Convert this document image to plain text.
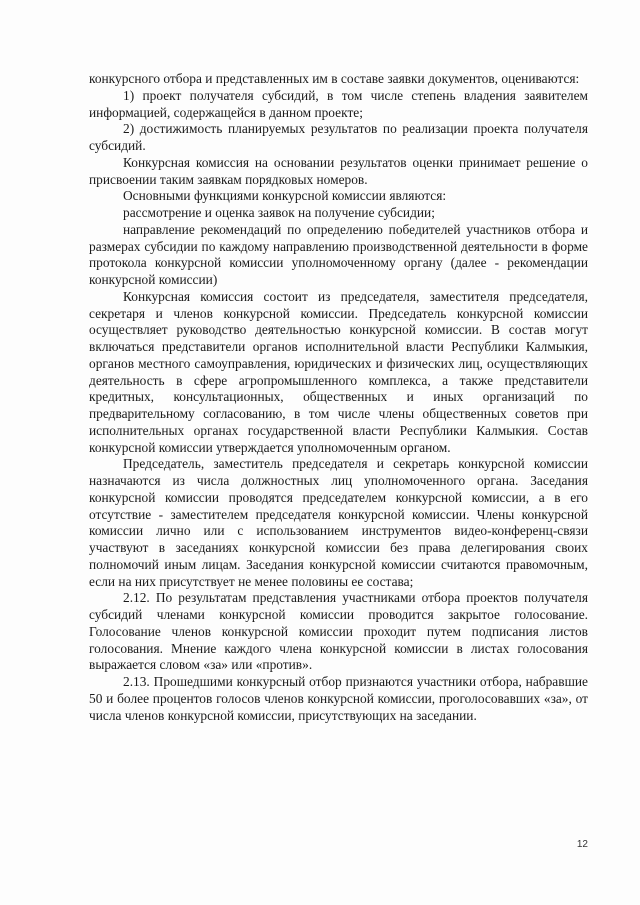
конкурсного отбора и представленных им в составе заявки документов, оцениваются:

1) проект получателя субсидий, в том числе степень владения заявителем информацией, содержащейся в данном проекте;

2) достижимость планируемых результатов по реализации проекта получателя субсидий.

Конкурсная комиссия на основании результатов оценки принимает решение о присвоении таким заявкам порядковых номеров.

Основными функциями конкурсной комиссии являются:

рассмотрение и оценка заявок на получение субсидии;

направление рекомендаций по определению победителей участников отбора и размерах субсидии по каждому направлению производственной деятельности в форме протокола конкурсной комиссии уполномоченному органу (далее - рекомендации конкурсной комиссии)

Конкурсная комиссия состоит из председателя, заместителя председателя, секретаря и членов конкурсной комиссии. Председатель конкурсной комиссии осуществляет руководство деятельностью конкурсной комиссии. В состав могут включаться представители органов исполнительной власти Республики Калмыкия, органов местного самоуправления, юридических и физических лиц, осуществляющих деятельность в сфере агропромышленного комплекса, а также представители кредитных, консультационных, общественных и иных организаций по предварительному согласованию, в том числе члены общественных советов при исполнительных органах государственной власти Республики Калмыкия. Состав конкурсной комиссии утверждается уполномоченным органом.

Председатель, заместитель председателя и секретарь конкурсной комиссии назначаются из числа должностных лиц уполномоченного органа. Заседания конкурсной комиссии проводятся председателем конкурсной комиссии, а в его отсутствие - заместителем председателя конкурсной комиссии. Члены конкурсной комиссии лично или с использованием инструментов видео-конференц-связи участвуют в заседаниях конкурсной комиссии без права делегирования своих полномочий иным лицам. Заседания конкурсной комиссии считаются правомочным, если на них присутствует не менее половины ее состава;

2.12. По результатам представления участниками отбора проектов получателя субсидий членами конкурсной комиссии проводится закрытое голосование. Голосование членов конкурсной комиссии проходит путем подписания листов голосования. Мнение каждого члена конкурсной комиссии в листах голосования выражается словом «за» или «против».

2.13. Прошедшими конкурсный отбор признаются участники отбора, набравшие 50 и более процентов голосов членов конкурсной комиссии, проголосовавших «за», от числа членов конкурсной комиссии, присутствующих на заседании.

12
